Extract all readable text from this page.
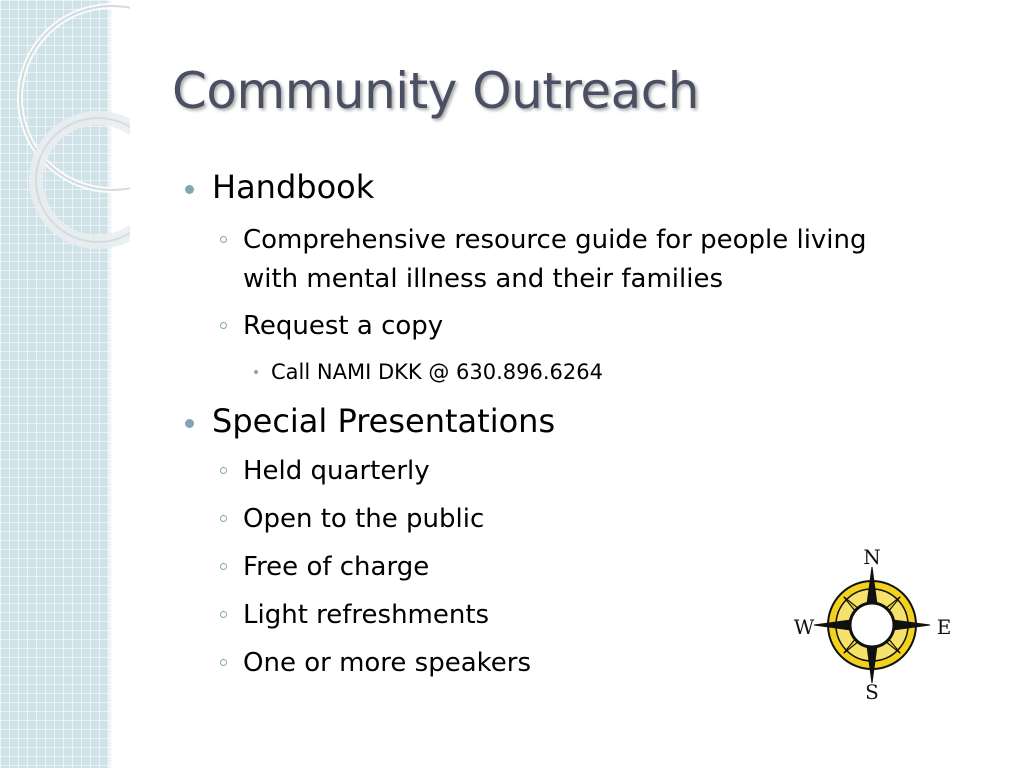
Community Outreach
Handbook
Comprehensive resource guide for people living
with mental illness and their families
Request a copy
Call NAMI DKK @ 630.896.6264
Special Presentations
Held quarterly
Open to the public
Free of charge
Light refreshments
One or more speakers
N
S
E
W
